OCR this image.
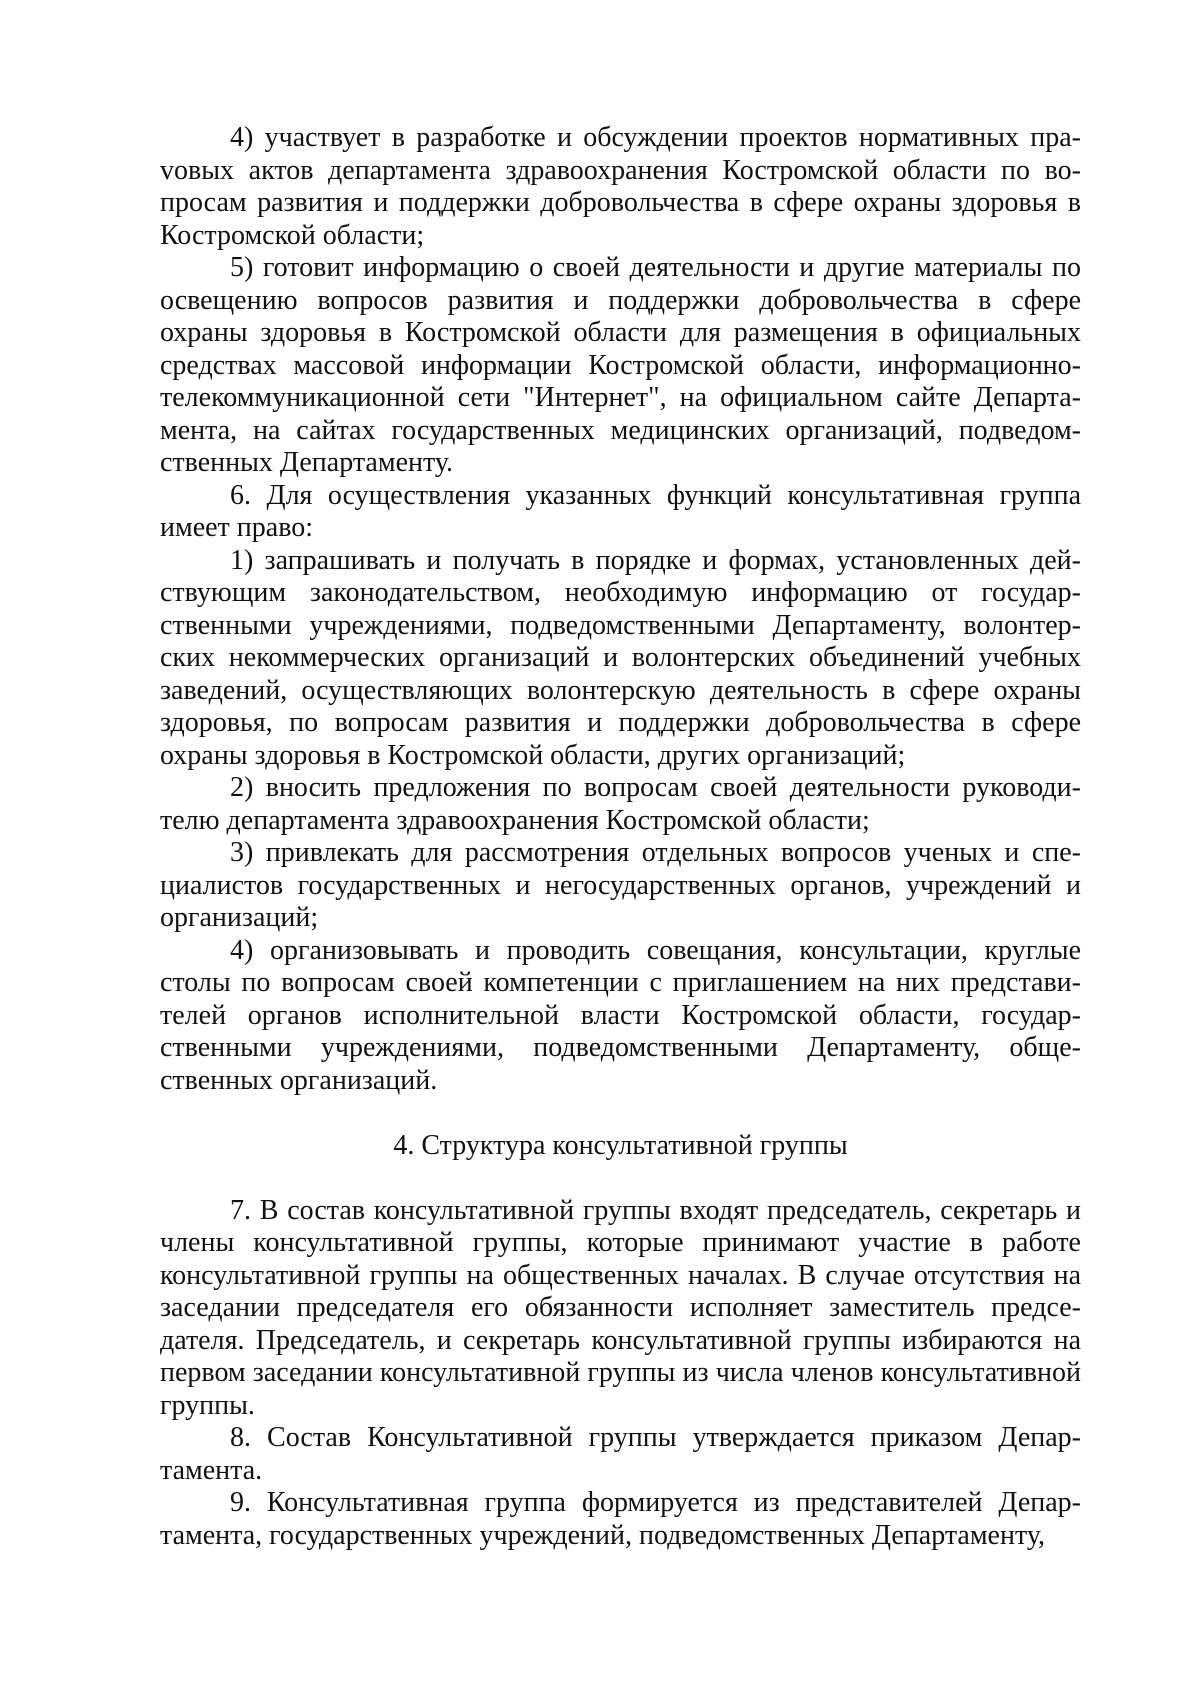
4) участвует в разработке и обсуждении проектов нормативных праvовых актов департамента здравоохранения Костромской области по вопросам развития и поддержки добровольчества в сфере охраны здоровья в Костромской области;

5) готовит информацию о своей деятельности и другие материалы по освещению вопросов развития и поддержки добровольчества в сфере охраны здоровья в Костромской области для размещения в официальных средствах массовой информации Костромской области, информационно-телекоммуникационной сети "Интернет", на официальном сайте Департамента, на сайтах государственных медицинских организаций, подведомственных Департаменту.

6. Для осуществления указанных функций консультативная группа имеет право:

1) запрашивать и получать в порядке и формах, установленных действующим законодательством, необходимую информацию от государственными учреждениями, подведомственными Департаменту, волонтерских некоммерческих организаций и волонтерских объединений учебных заведений, осуществляющих волонтерскую деятельность в сфере охраны здоровья, по вопросам развития и поддержки добровольчества в сфере охраны здоровья в Костромской области, других организаций;

2) вносить предложения по вопросам своей деятельности руководителю департамента здравоохранения Костромской области;

3) привлекать для рассмотрения отдельных вопросов ученых и специалистов государственных и негосударственных органов, учреждений и организаций;

4) организовывать и проводить совещания, консультации, круглые столы по вопросам своей компетенции с приглашением на них представителей органов исполнительной власти Костромской области, государственными учреждениями, подведомственными Департаменту, общественных организаций.

4. Структура консультативной группы

7. В состав консультативной группы входят председатель, секретарь и члены консультативной группы, которые принимают участие в работе консультативной группы на общественных началах. В случае отсутствия на заседании председателя его обязанности исполняет заместитель председателя. Председатель, и секретарь консультативной группы избираются на первом заседании консультативной группы из числа членов консультативной группы.

8. Состав Консультативной группы утверждается приказом Департамента.

9. Консультативная группа формируется из представителей Департамента, государственных учреждений, подведомственных Департаменту,
